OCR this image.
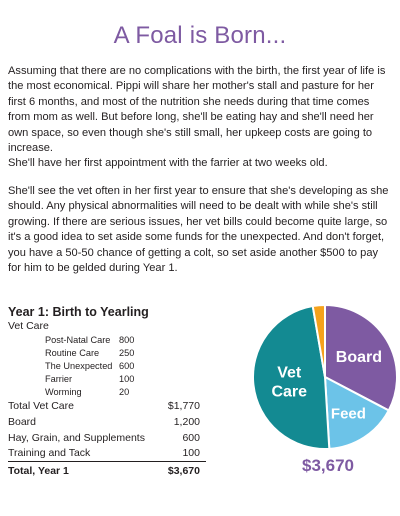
A Foal is Born...

Assuming that there are no complications with the birth, the first year of life is the most economical. Pippi will share her mother's stall and pasture for her first 6 months, and most of the nutrition she needs during that time comes from mom as well. But before long, she'll be eating hay and she'll need her own space, so even though she's still small, her upkeep costs are going to increase.

She'll have her first appointment with the farrier at two weeks old.

She'll see the vet often in her first year to ensure that she's developing as she should. Any physical abnormalities will need to be dealt with while she's still growing. If there are serious issues, her vet bills could become quite large, so it's a good idea to set aside some funds for the unexpected. And don't forget, you have a 50-50 chance of getting a colt, so set aside another $500 to pay for him to be gelded during Year 1.

Year 1: Birth to Yearling
Vet Care
Post-Natal Care 800
Routine Care 250
The Unexpected 600
Farrier	100
Worming	20
Total Vet Care	$1,770
Board	1,200
Hay, Grain, and Supplements	600
Training and Tack	100
Total, Year 1	$3,670
Board
Feed
Vet Care
$3,670
